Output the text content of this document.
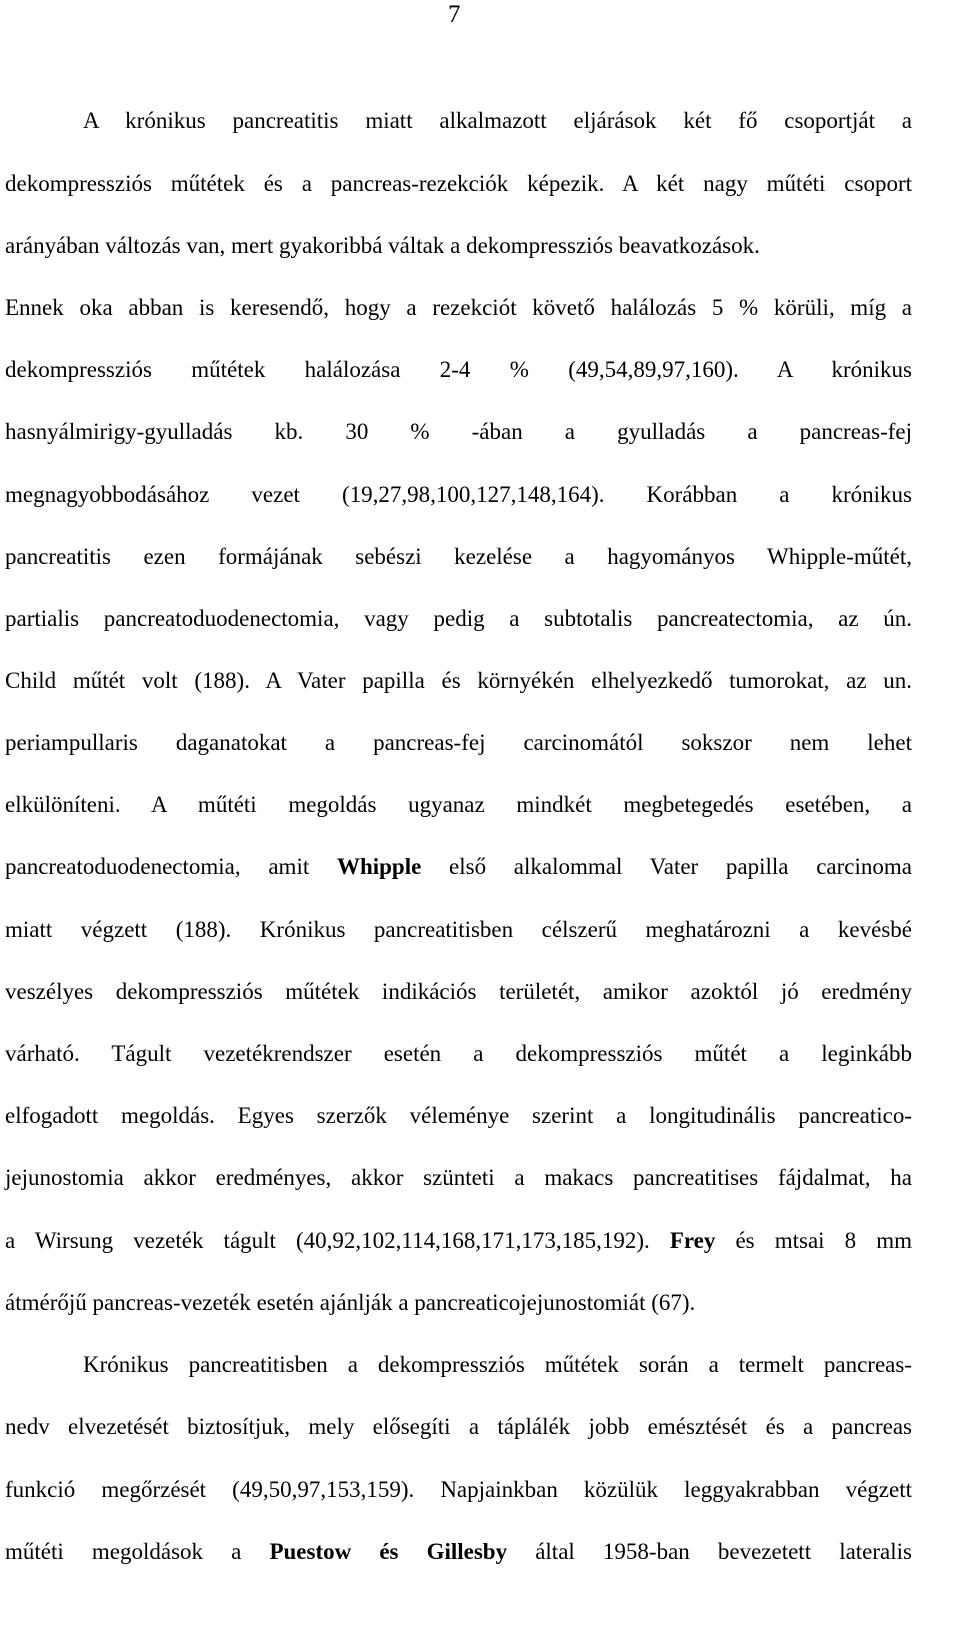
7
A krónikus pancreatitis miatt alkalmazott eljárások két fő csoportját a
dekompressziós műtétek és a pancreas-rezekciók képezik. A két nagy műtéti csoport
arányában változás van, mert gyakoribbá váltak a dekompressziós beavatkozások.
Ennek oka abban is keresendő, hogy a rezekciót követő halálozás 5 % körüli, míg a
dekompressziós műtétek halálozása 2-4 % (49,54,89,97,160). A krónikus
hasnyálmirigy-gyulladás kb. 30 % -ában a gyulladás a pancreas-fej
megnagyobbodásához vezet (19,27,98,100,127,148,164). Korábban a krónikus
pancreatitis ezen formájának sebészi kezelése a hagyományos Whipple-műtét,
partialis pancreatoduodenectomia, vagy pedig a subtotalis pancreatectomia, az ún.
Child műtét volt (188). A Vater papilla és környékén elhelyezkedő tumorokat, az un.
periampullaris daganatokat a pancreas-fej carcinomától sokszor nem lehet
elkülöníteni. A műtéti megoldás ugyanaz mindkét megbetegedés esetében, a
pancreatoduodenectomia, amit Whipple első alkalommal Vater papilla carcinoma
miatt végzett (188). Krónikus pancreatitisben célszerű meghatározni a kevésbé
veszélyes dekompressziós műtétek indikációs területét, amikor azoktól jó eredmény
várható. Tágult vezetékrendszer esetén a dekompressziós műtét a leginkább
elfogadott megoldás. Egyes szerzők véleménye szerint a longitudinális pancreatico-
jejunostomia akkor eredményes, akkor szünteti a makacs pancreatitises fájdalmat, ha
a Wirsung vezeték tágult (40,92,102,114,168,171,173,185,192). Frey és mtsai 8 mm
átmérőjű pancreas-vezeték esetén ajánlják a pancreaticojejunostomiát (67).
Krónikus pancreatitisben a dekompressziós műtétek során a termelt pancreas-
nedv elvezetését biztosítjuk, mely elősegíti a táplálék jobb emésztését és a pancreas
funkció megőrzését (49,50,97,153,159). Napjainkban közülük leggyakrabban végzett
műtéti megoldások a Puestow és Gillesby által 1958-ban bevezetett lateralis
